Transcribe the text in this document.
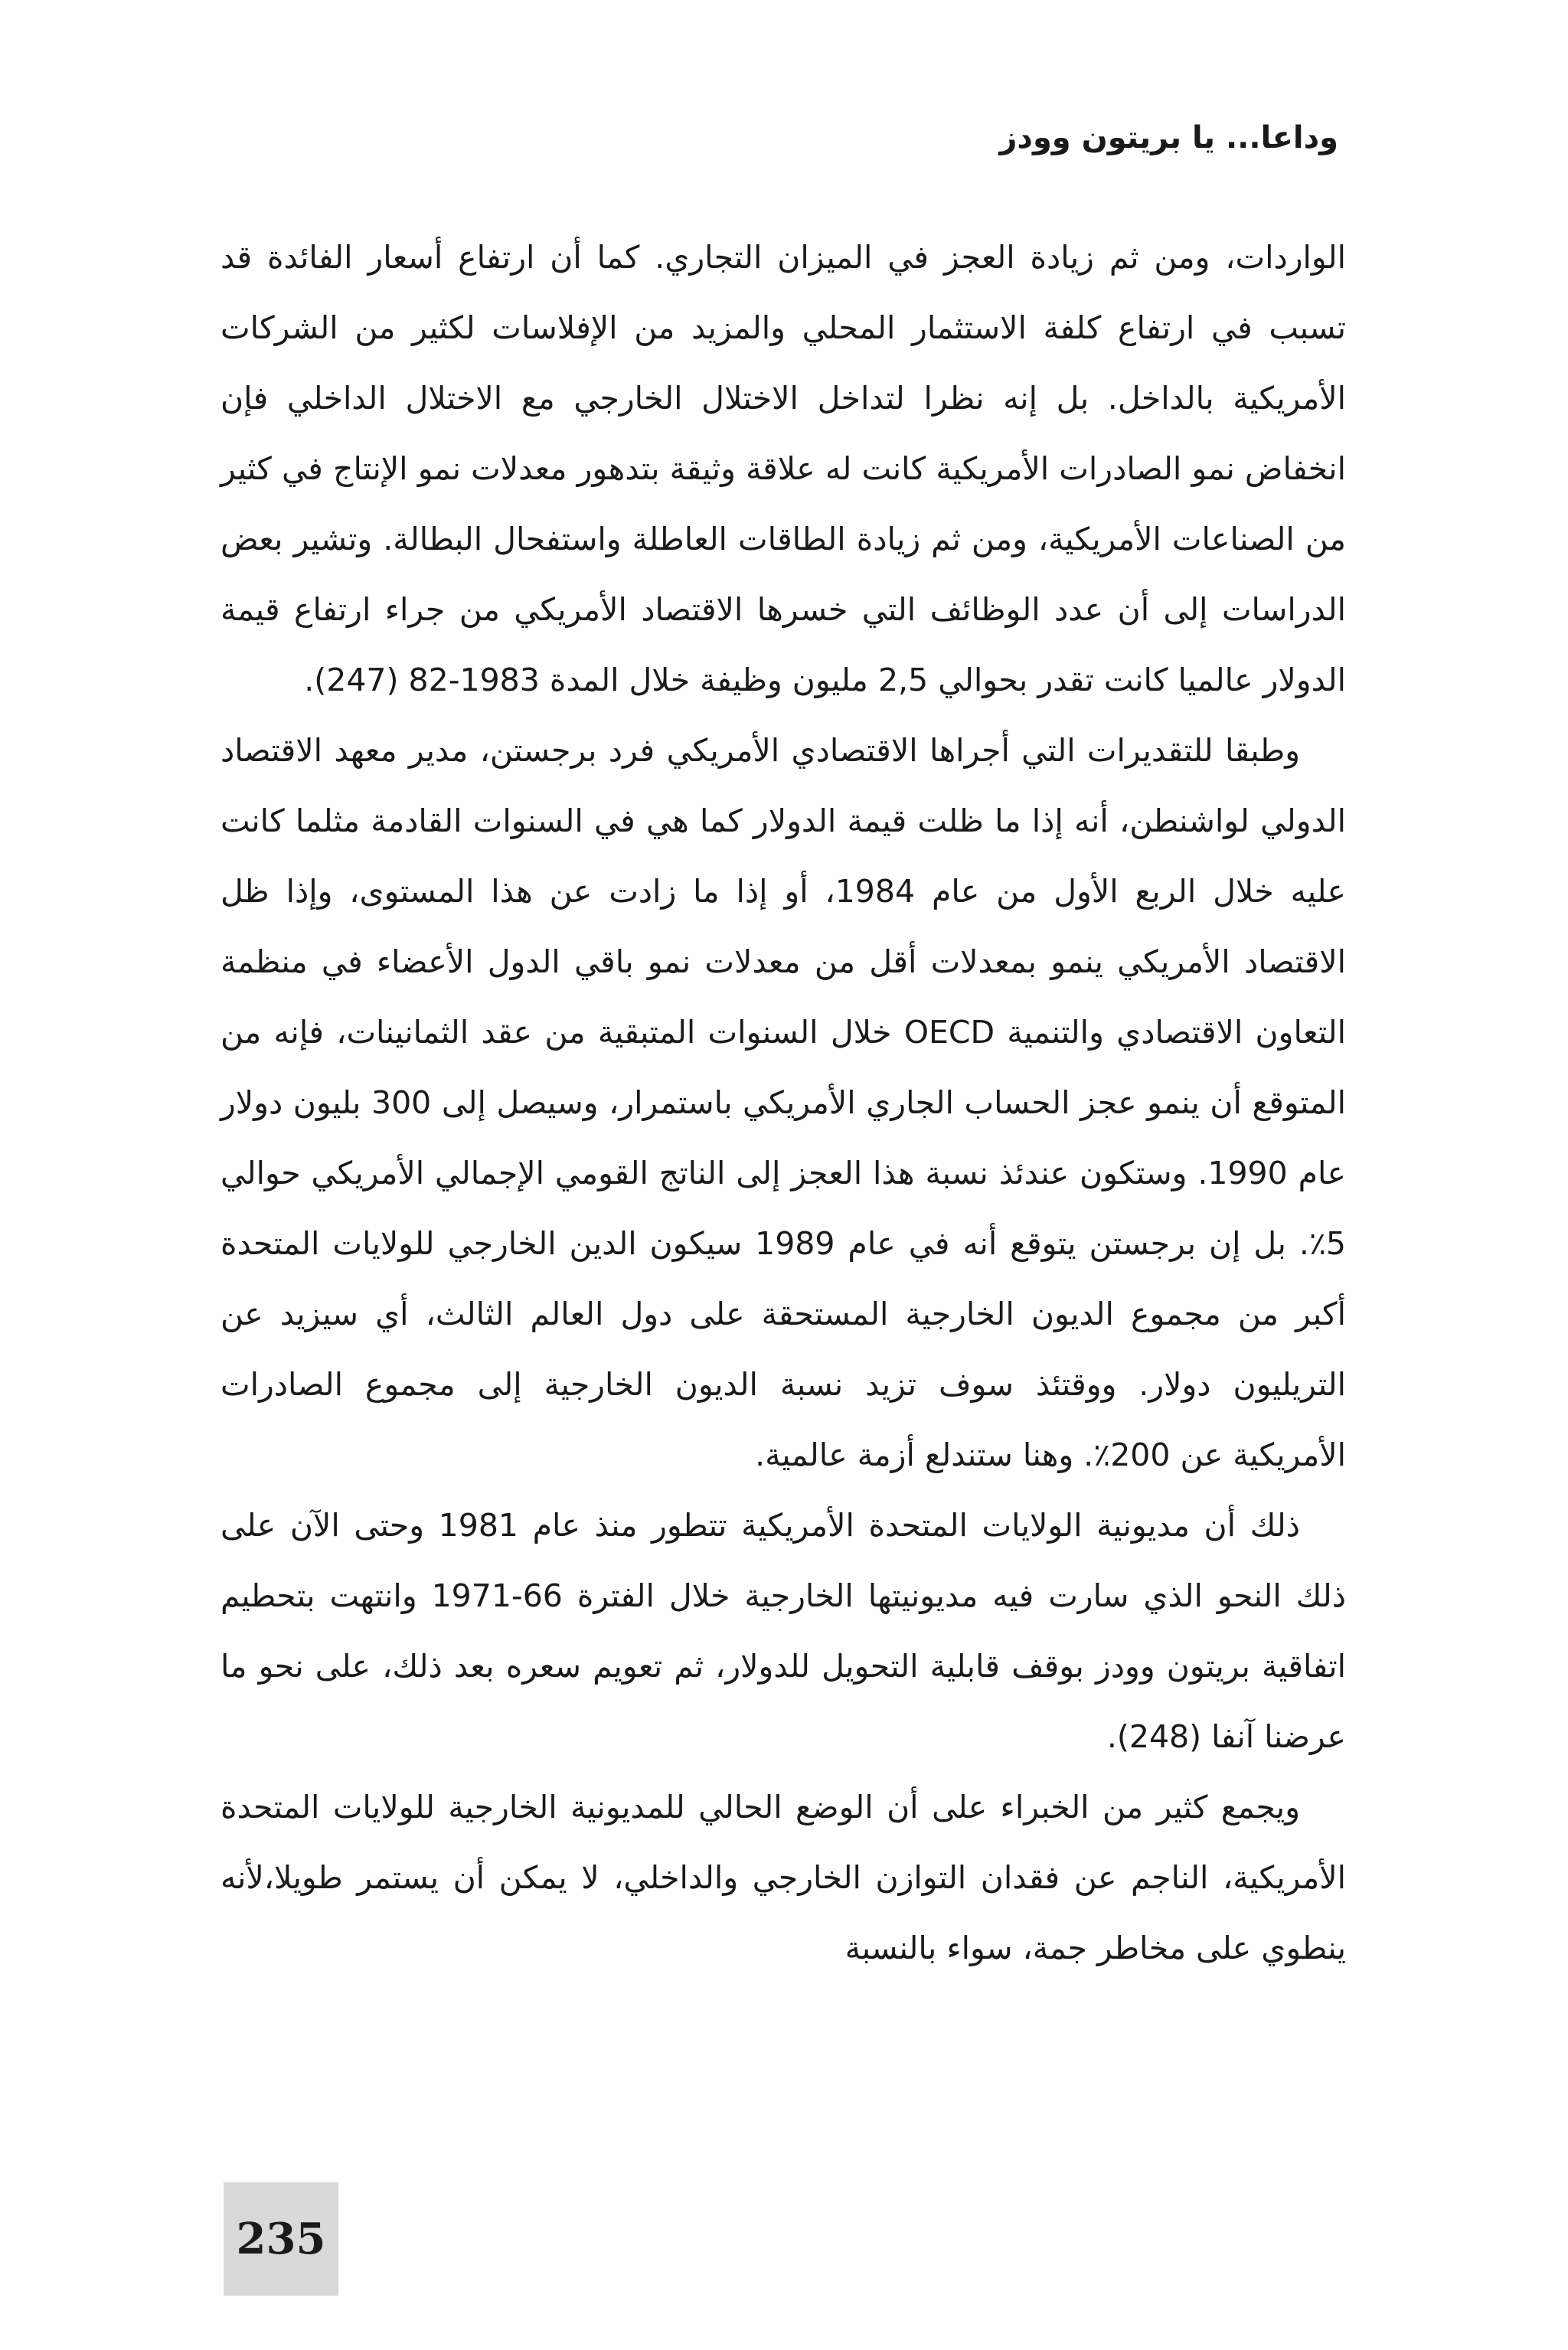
وداعا... يا بريتون وودز

الواردات، ومن ثم زيادة العجز في الميزان التجاري. كما أن ارتفاع أسعار الفائدة قد تسبب في ارتفاع كلفة الاستثمار المحلي والمزيد من الإفلاسات لكثير من الشركات الأمريكية بالداخل. بل إنه نظرا لتداخل الاختلال الخارجي مع الاختلال الداخلي فإن انخفاض نمو الصادرات الأمريكية كانت له علاقة وثيقة بتدهور معدلات نمو الإنتاج في كثير من الصناعات الأمريكية، ومن ثم زيادة الطاقات العاطلة واستفحال البطالة. وتشير بعض الدراسات إلى أن عدد الوظائف التي خسرها الاقتصاد الأمريكي من جراء ارتفاع قيمة الدولار عالميا كانت تقدر بحوالي 2,5 مليون وظيفة خلال المدة 1983-82 (247).

وطبقا للتقديرات التي أجراها الاقتصادي الأمريكي فرد برجستن، مدير معهد الاقتصاد الدولي لواشنطن، أنه إذا ما ظلت قيمة الدولار كما هي في السنوات القادمة مثلما كانت عليه خلال الربع الأول من عام 1984، أو إذا ما زادت عن هذا المستوى، وإذا ظل الاقتصاد الأمريكي ينمو بمعدلات أقل من معدلات نمو باقي الدول الأعضاء في منظمة التعاون الاقتصادي والتنمية OECD خلال السنوات المتبقية من عقد الثمانينات، فإنه من المتوقع أن ينمو عجز الحساب الجاري الأمريكي باستمرار، وسيصل إلى 300 بليون دولار عام 1990. وستكون عندئذ نسبة هذا العجز إلى الناتج القومي الإجمالي الأمريكي حوالي 5٪. بل إن برجستن يتوقع أنه في عام 1989 سيكون الدين الخارجي للولايات المتحدة أكبر من مجموع الديون الخارجية المستحقة على دول العالم الثالث، أي سيزيد عن التريليون دولار. ووقتئذ سوف تزيد نسبة الديون الخارجية إلى مجموع الصادرات الأمريكية عن 200٪. وهنا ستندلع أزمة عالمية.

ذلك أن مديونية الولايات المتحدة الأمريكية تتطور منذ عام 1981 وحتى الآن على ذلك النحو الذي سارت فيه مديونيتها الخارجية خلال الفترة 66-1971 وانتهت بتحطيم اتفاقية بريتون وودز بوقف قابلية التحويل للدولار، ثم تعويم سعره بعد ذلك، على نحو ما عرضنا آنفا (248).

ويجمع كثير من الخبراء على أن الوضع الحالي للمديونية الخارجية للولايات المتحدة الأمريكية، الناجم عن فقدان التوازن الخارجي والداخلي، لا يمكن أن يستمر طويلا،لأنه ينطوي على مخاطر جمة، سواء بالنسبة

235
